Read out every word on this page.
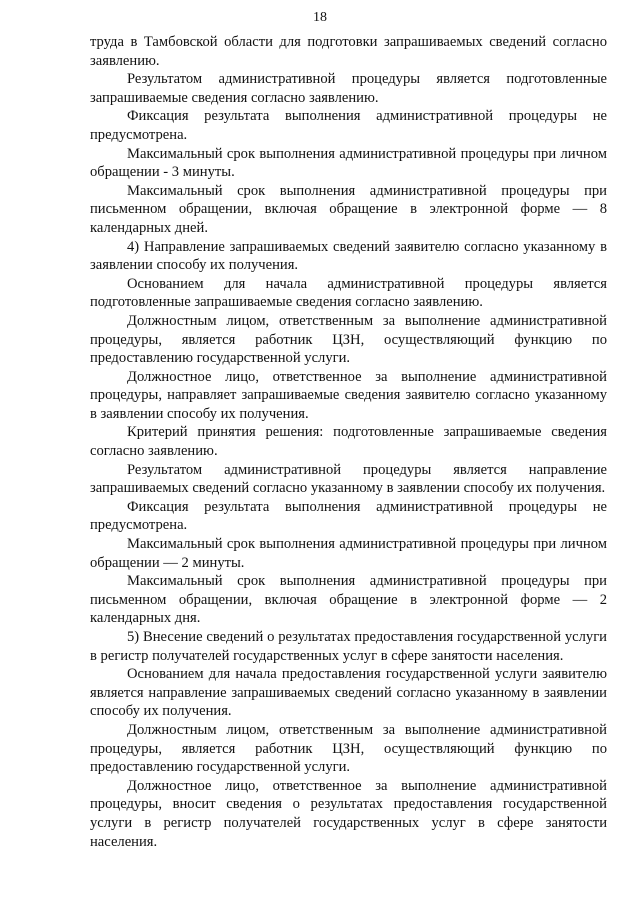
18

труда в Тамбовской области для подготовки запрашиваемых сведений согласно заявлению.

Результатом административной процедуры является подготовленные запрашиваемые сведения согласно заявлению.

Фиксация результата выполнения административной процедуры не предусмотрена.

Максимальный срок выполнения административной процедуры при личном обращении - 3 минуты.

Максимальный срок выполнения административной процедуры при письменном обращении, включая обращение в электронной форме — 8 календарных дней.

4) Направление запрашиваемых сведений заявителю согласно указанному в заявлении способу их получения.

Основанием для начала административной процедуры является подготовленные запрашиваемые сведения согласно заявлению.

Должностным лицом, ответственным за выполнение административной процедуры, является работник ЦЗН, осуществляющий функцию по предоставлению государственной услуги.

Должностное лицо, ответственное за выполнение административной процедуры, направляет запрашиваемые сведения заявителю согласно указанному в заявлении способу их получения.

Критерий принятия решения: подготовленные запрашиваемые сведения согласно заявлению.

Результатом административной процедуры является направление запрашиваемых сведений согласно указанному в заявлении способу их получения.

Фиксация результата выполнения административной процедуры не предусмотрена.

Максимальный срок выполнения административной процедуры при личном обращении — 2 минуты.

Максимальный срок выполнения административной процедуры при письменном обращении, включая обращение в электронной форме — 2 календарных дня.

5) Внесение сведений о результатах предоставления государственной услуги в регистр получателей государственных услуг в сфере занятости населения.

Основанием для начала предоставления государственной услуги заявителю является направление запрашиваемых сведений согласно указанному в заявлении способу их получения.

Должностным лицом, ответственным за выполнение административной процедуры, является работник ЦЗН, осуществляющий функцию по предоставлению государственной услуги.

Должностное лицо, ответственное за выполнение административной процедуры, вносит сведения о результатах предоставления государственной услуги в регистр получателей государственных услуг в сфере занятости населения.
